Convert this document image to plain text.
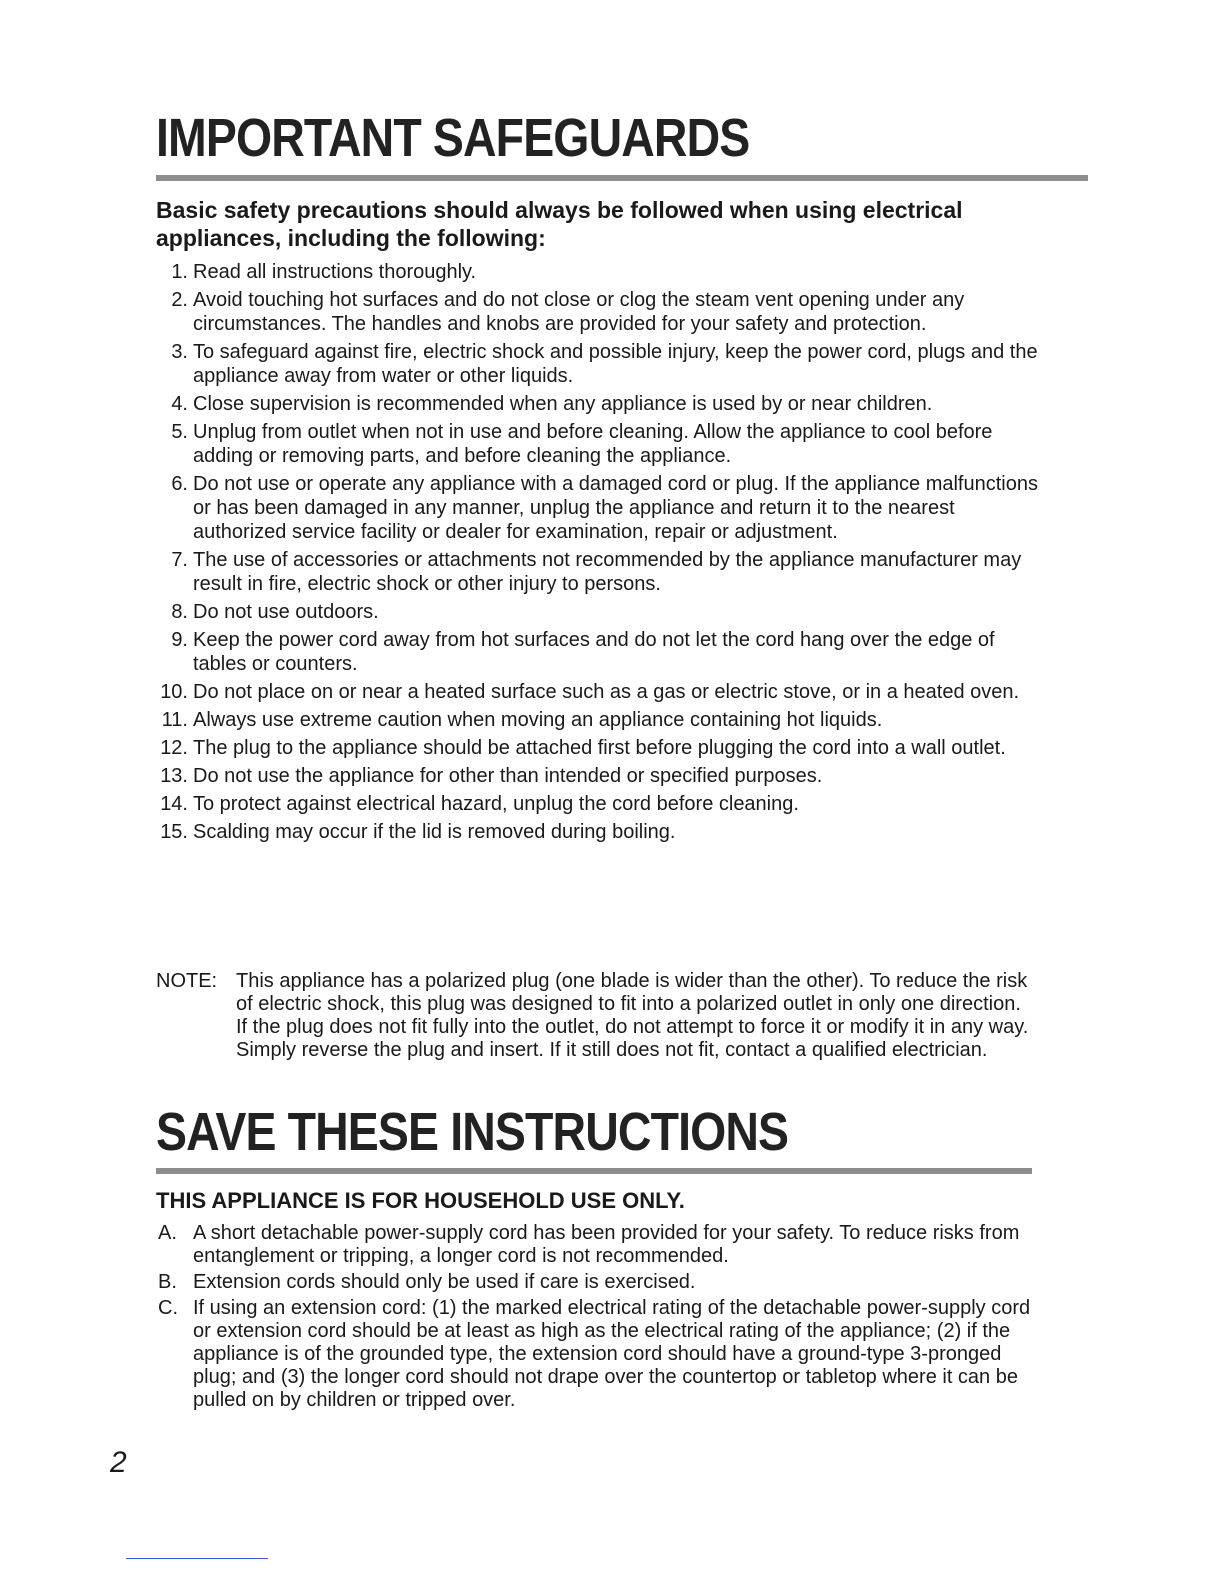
IMPORTANT SAFEGUARDS

Basic safety precautions should always be followed when using electrical appliances, including the following:

1. Read all instructions thoroughly.
2. Avoid touching hot surfaces and do not close or clog the steam vent opening under any circumstances. The handles and knobs are provided for your safety and protection.
3. To safeguard against fire, electric shock and possible injury, keep the power cord, plugs and the appliance away from water or other liquids.
4. Close supervision is recommended when any appliance is used by or near children.
5. Unplug from outlet when not in use and before cleaning. Allow the appliance to cool before adding or removing parts, and before cleaning the appliance.
6. Do not use or operate any appliance with a damaged cord or plug. If the appliance malfunctions or has been damaged in any manner, unplug the appliance and return it to the nearest authorized service facility or dealer for examination, repair or adjustment.
7. The use of accessories or attachments not recommended by the appliance manufacturer may result in fire, electric shock or other injury to persons.
8. Do not use outdoors.
9. Keep the power cord away from hot surfaces and do not let the cord hang over the edge of tables or counters.
10. Do not place on or near a heated surface such as a gas or electric stove, or in a heated oven.
11. Always use extreme caution when moving an appliance containing hot liquids.
12. The plug to the appliance should be attached first before plugging the cord into a wall outlet.
13. Do not use the appliance for other than intended or specified purposes.
14. To protect against electrical hazard, unplug the cord before cleaning.
15. Scalding may occur if the lid is removed during boiling.
NOTE: This appliance has a polarized plug (one blade is wider than the other). To reduce the risk of electric shock, this plug was designed to fit into a polarized outlet in only one direction. If the plug does not fit fully into the outlet, do not attempt to force it or modify it in any way. Simply reverse the plug and insert. If it still does not fit, contact a qualified electrician.
SAVE THESE INSTRUCTIONS

THIS APPLIANCE IS FOR HOUSEHOLD USE ONLY.

A. A short detachable power-supply cord has been provided for your safety. To reduce risks from entanglement or tripping, a longer cord is not recommended.
B. Extension cords should only be used if care is exercised.
C. If using an extension cord: (1) the marked electrical rating of the detachable power-supply cord or extension cord should be at least as high as the electrical rating of the appliance; (2) if the appliance is of the grounded type, the extension cord should have a ground-type 3-pronged plug; and (3) the longer cord should not drape over the countertop or tabletop where it can be pulled on by children or tripped over.

2
